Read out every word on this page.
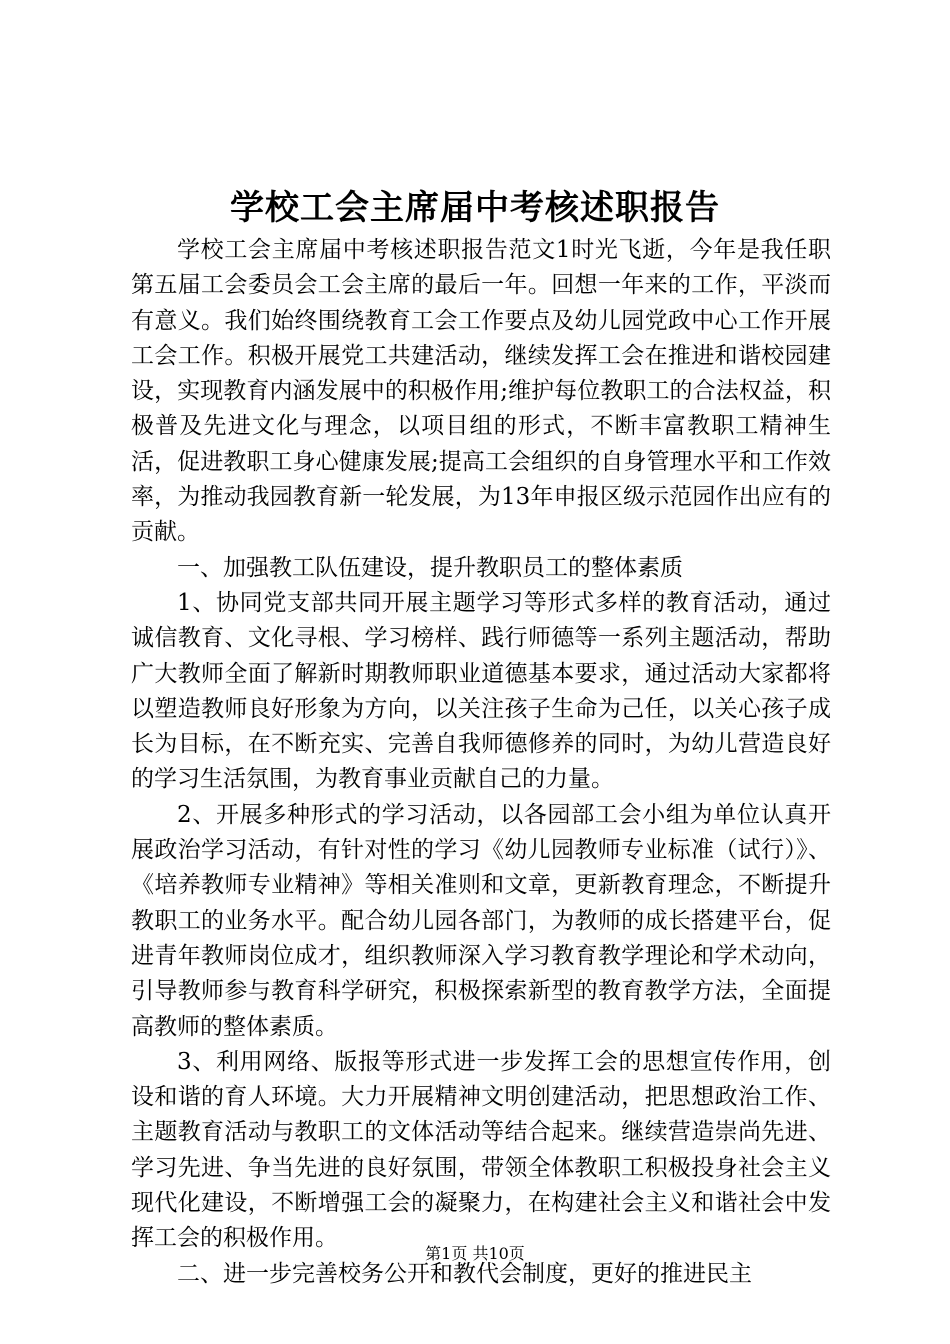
学校工会主席届中考核述职报告

学校工会主席届中考核述职报告范文1时光飞逝，今年是我任职第五届工会委员会工会主席的最后一年。回想一年来的工作，平淡而有意义。我们始终围绕教育工会工作要点及幼儿园党政中心工作开展工会工作。积极开展党工共建活动，继续发挥工会在推进和谐校园建设，实现教育内涵发展中的积极作用;维护每位教职工的合法权益，积极普及先进文化与理念，以项目组的形式，不断丰富教职工精神生活，促进教职工身心健康发展;提高工会组织的自身管理水平和工作效率，为推动我园教育新一轮发展，为13年申报区级示范园作出应有的贡献。

一、加强教工队伍建设，提升教职员工的整体素质

1、协同党支部共同开展主题学习等形式多样的教育活动，通过诚信教育、文化寻根、学习榜样、践行师德等一系列主题活动，帮助广大教师全面了解新时期教师职业道德基本要求，通过活动大家都将以塑造教师良好形象为方向，以关注孩子生命为己任，以关心孩子成长为目标，在不断充实、完善自我师德修养的同时，为幼儿营造良好的学习生活氛围，为教育事业贡献自己的力量。

2、开展多种形式的学习活动，以各园部工会小组为单位认真开展政治学习活动，有针对性的学习《幼儿园教师专业标准（试行）》、《培养教师专业精神》等相关准则和文章，更新教育理念，不断提升教职工的业务水平。配合幼儿园各部门，为教师的成长搭建平台，促进青年教师岗位成才，组织教师深入学习教育教学理论和学术动向，引导教师参与教育科学研究，积极探索新型的教育教学方法，全面提高教师的整体素质。

3、利用网络、版报等形式进一步发挥工会的思想宣传作用，创设和谐的育人环境。大力开展精神文明创建活动，把思想政治工作、主题教育活动与教职工的文体活动等结合起来。继续营造崇尚先进、学习先进、争当先进的良好氛围，带领全体教职工积极投身社会主义现代化建设，不断增强工会的凝聚力，在构建社会主义和谐社会中发挥工会的积极作用。

二、进一步完善校务公开和教代会制度，更好的推进民主

第1页 共10页
